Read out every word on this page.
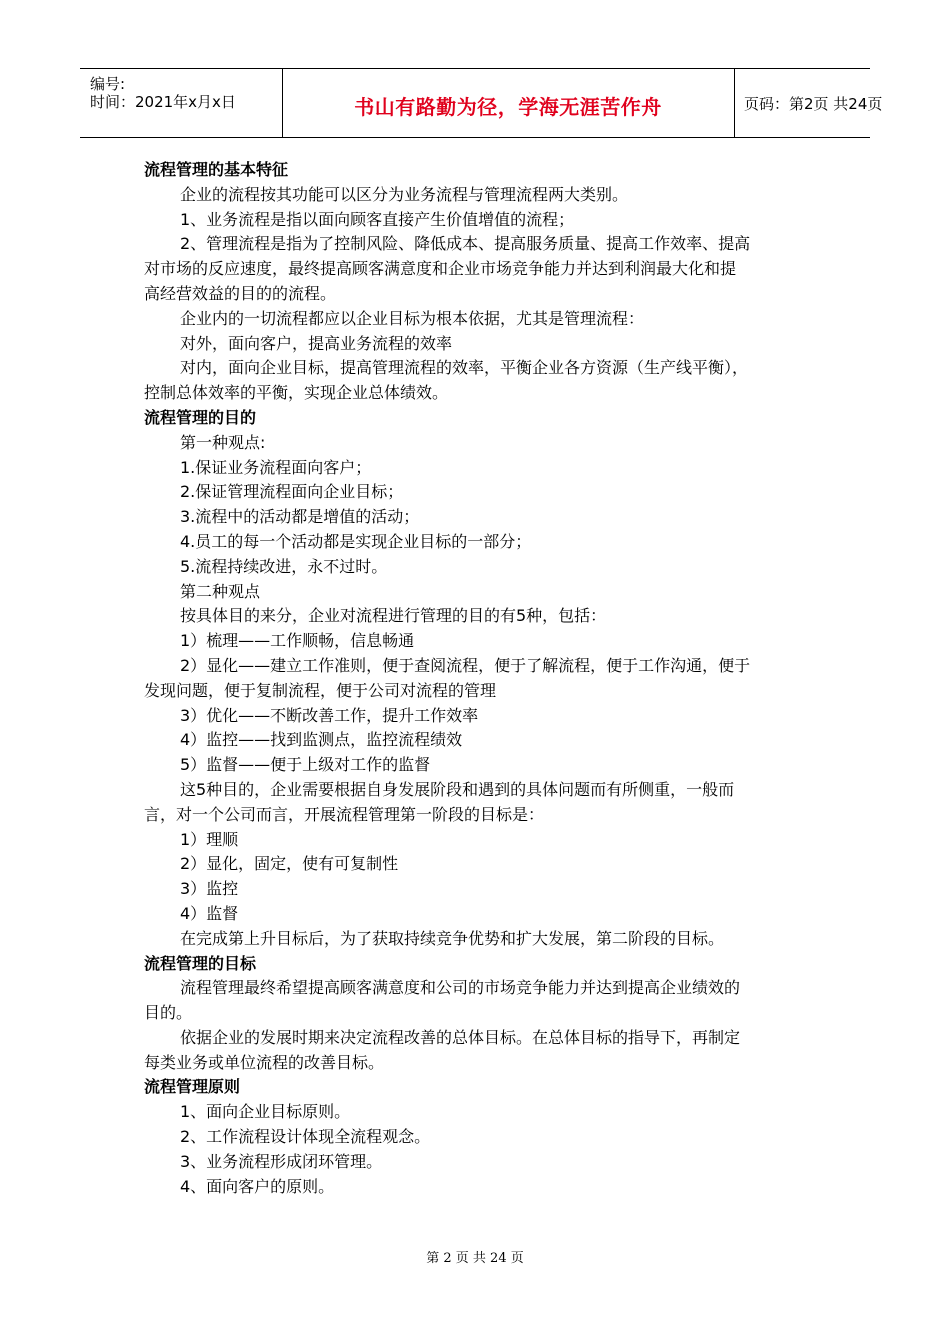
编号:
时间：2021年x月x日	书山有路勤为径，学海无涯苦作舟	页码：第2页 共24页
流程管理的基本特征
企业的流程按其功能可以区分为业务流程与管理流程两大类别。
1、业务流程是指以面向顾客直接产生价值增值的流程；
2、管理流程是指为了控制风险、降低成本、提高服务质量、提高工作效率、提高
对市场的反应速度，最终提高顾客满意度和企业市场竞争能力并达到利润最大化和提
高经营效益的目的的流程。
企业内的一切流程都应以企业目标为根本依据，尤其是管理流程：
对外，面向客户，提高业务流程的效率
对内，面向企业目标，提高管理流程的效率，平衡企业各方资源（生产线平衡），
控制总体效率的平衡，实现企业总体绩效。
流程管理的目的
第一种观点:
1.保证业务流程面向客户；
2.保证管理流程面向企业目标；
3.流程中的活动都是增值的活动；
4.员工的每一个活动都是实现企业目标的一部分；
5.流程持续改进，永不过时。
第二种观点
按具体目的来分，企业对流程进行管理的目的有5种，包括：
1）梳理——工作顺畅，信息畅通
2）显化——建立工作准则，便于查阅流程，便于了解流程，便于工作沟通，便于
发现问题，便于复制流程，便于公司对流程的管理
3）优化——不断改善工作，提升工作效率
4）监控——找到监测点，监控流程绩效
5）监督——便于上级对工作的监督
这5种目的，企业需要根据自身发展阶段和遇到的具体问题而有所侧重，一般而
言，对一个公司而言，开展流程管理第一阶段的目标是：
1）理顺
2）显化，固定，使有可复制性
3）监控
4）监督
在完成第上升目标后，为了获取持续竞争优势和扩大发展，第二阶段的目标。
流程管理的目标
流程管理最终希望提高顾客满意度和公司的市场竞争能力并达到提高企业绩效的
目的。
依据企业的发展时期来决定流程改善的总体目标。在总体目标的指导下，再制定
每类业务或单位流程的改善目标。
流程管理原则
1、面向企业目标原则。
2、工作流程设计体现全流程观念。
3、业务流程形成闭环管理。
4、面向客户的原则。
第 2 页 共 24 页
